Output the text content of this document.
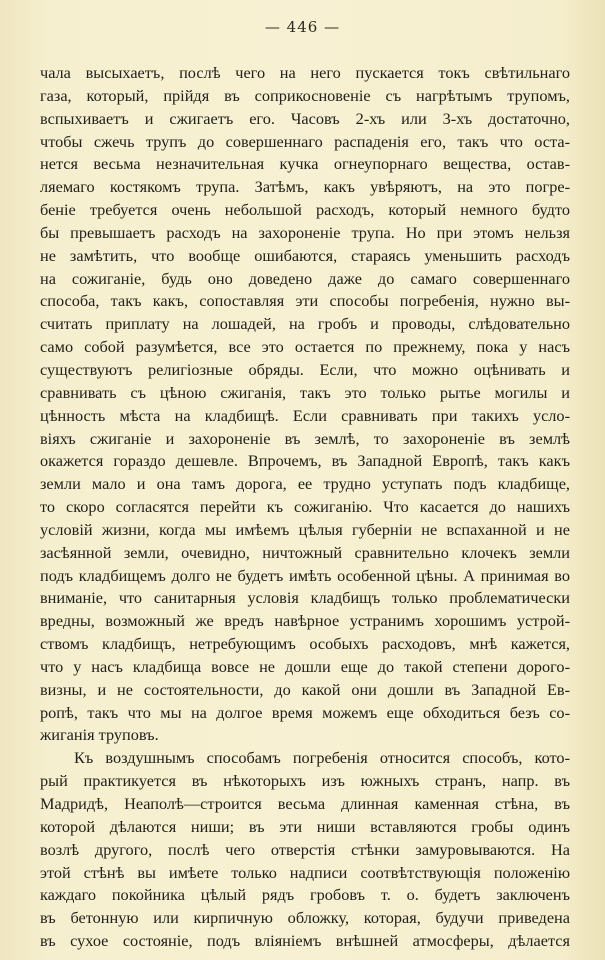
— 446 —
чала высыхаетъ, послѣ чего на него пускается токъ свѣтильнаго
газа, который, прійдя въ соприкосновеніе съ нагрѣтымъ трупомъ,
вспыхиваетъ и сжигаетъ его. Часовъ 2-хъ или 3-хъ достаточно,
чтобы сжечь трупъ до совершеннаго распаденія его, такъ что оста-
нется весьма незначительная кучка огнеупорнаго вещества, остав-
ляемаго костякомъ трупа. Затѣмъ, какъ увѣряютъ, на это погре-
беніе требуется очень небольшой расходъ, который немного будто
бы превышаетъ расходъ на захороненіе трупа. Но при этомъ нельзя
не замѣтить, что вообще ошибаются, стараясь уменьшить расходъ
на сожиганіе, будь оно доведено даже до самаго совершеннаго
способа, такъ какъ, сопоставляя эти способы погребенія, нужно вы-
считать приплату на лошадей, на гробъ и проводы, слѣдовательно
само собой разумѣется, все это остается по прежнему, пока у насъ
существуютъ религіозные обряды. Если, что можно оцѣнивать и
сравнивать съ цѣною сжиганія, такъ это только рытье могилы и
цѣнность мѣста на кладбищѣ. Если сравнивать при такихъ усло-
віяхъ сжиганіе и захороненіе въ землѣ, то захороненіе въ землѣ
окажется гораздо дешевле. Впрочемъ, въ Западной Европѣ, такъ какъ
земли мало и она тамъ дорога, ее трудно уступать подъ кладбище,
то скоро согласятся перейти къ сожиганію. Что касается до нашихъ
условій жизни, когда мы имѣемъ цѣлыя губерніи не вспаханной и не
засѣянной земли, очевидно, ничтожный сравнительно клочекъ земли
подъ кладбищемъ долго не будетъ имѣть особенной цѣны. А принимая во
вниманіе, что санитарныя условія кладбищъ только проблематически
вредны, возможный же вредъ навѣрное устранимъ хорошимъ устрой-
ствомъ кладбищъ, нетребующимъ особыхъ расходовъ, мнѣ кажется,
что у насъ кладбища вовсе не дошли еще до такой степени дорого-
визны, и не состоятельности, до какой они дошли въ Западной Ев-
ропѣ, такъ что мы на долгое время можемъ еще обходиться безъ со-
жиганія труповъ.
Къ воздушнымъ способамъ погребенія относится способъ, кото-
рый практикуется въ нѣкоторыхъ изъ южныхъ странъ, напр. въ
Мадридѣ, Неаполѣ—строится весьма длинная каменная стѣна, въ
которой дѣлаются ниши; въ эти ниши вставляются гробы одинъ
возлѣ другого, послѣ чего отверстія стѣнки замуровываются. На
этой стѣнѣ вы имѣете только надписи соотвѣтствующія положенію
каждаго покойника цѣлый рядъ гробовъ т. о. будетъ заключенъ
въ бетонную или кирпичную обложку, которая, будучи приведена
въ сухое состояніе, подъ вліяніемъ внѣшней атмосферы, дѣлается
